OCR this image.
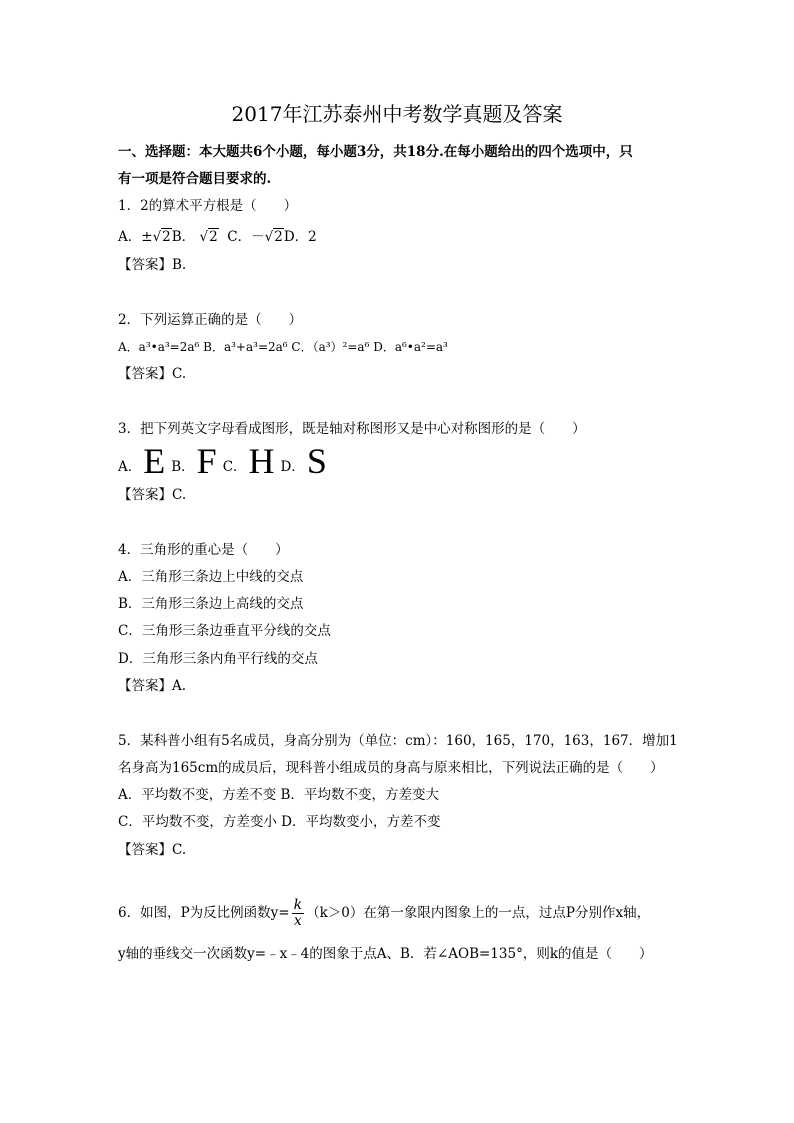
2017年江苏泰州中考数学真题及答案
一、选择题：本大题共6个小题，每小题3分，共18分.在每小题给出的四个选项中，只
有一项是符合题目要求的.
1．2的算术平方根是（　　）
A．±√2B． √2 C．－√2D．2
【答案】B.
2．下列运算正确的是（　　）
A．a³•a³=2a⁶ B．a³+a³=2a⁶ C．（a³）²=a⁶ D．a⁶•a²=a³
【答案】C.
3．把下列英文字母看成图形，既是轴对称图形又是中心对称图形的是（　　）
A．E B．F C．H D．S
【答案】C.
4．三角形的重心是（　　）
A．三角形三条边上中线的交点
B．三角形三条边上高线的交点
C．三角形三条边垂直平分线的交点
D．三角形三条内角平行线的交点
【答案】A.
5．某科普小组有5名成员，身高分别为（单位：cm）：160，165，170，163，167．增加1
名身高为165cm的成员后，现科普小组成员的身高与原来相比，下列说法正确的是（　　）
A．平均数不变，方差不变 B．平均数不变，方差变大
C．平均数不变，方差变小 D．平均数变小，方差不变
【答案】C.
6．如图，P为反比例函数$y= \frac{k}{x} (k>0)$在第一象限内图象上的一点，过点P分别作x轴，
y轴的垂线交一次函数y=﹣x﹣4的图象于点A、B．若∠AOB=135°，则k的值是（　　）
